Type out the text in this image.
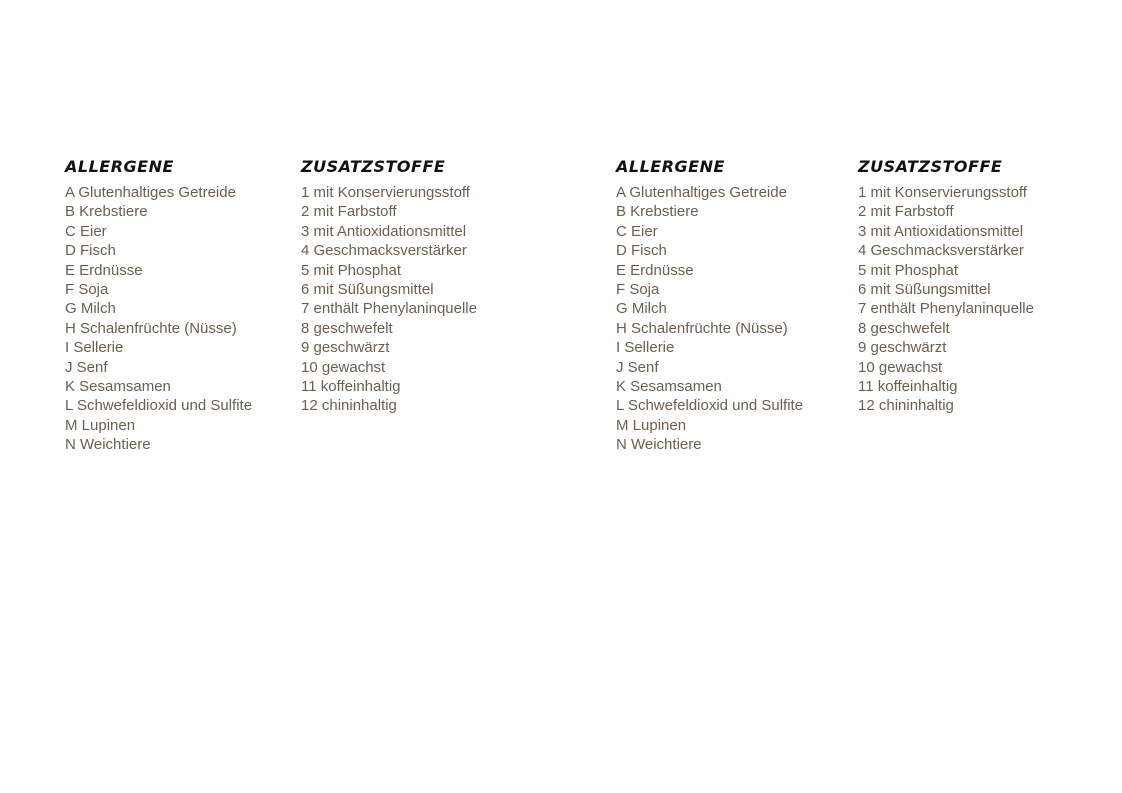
ALLERGENE
A Glutenhaltiges Getreide
B Krebstiere
C Eier
D Fisch
E Erdnüsse
F Soja
G Milch
H Schalenfrüchte (Nüsse)
I Sellerie
J Senf
K Sesamsamen
L Schwefeldioxid und Sulfite
M Lupinen
N Weichtiere
ZUSATZSTOFFE
1 mit Konservierungsstoff
2 mit Farbstoff
3 mit Antioxidationsmittel
4 Geschmacksverstärker
5 mit Phosphat
6 mit Süßungsmittel
7 enthält Phenylaninquelle
8 geschwefelt
9 geschwärzt
10 gewachst
11 koffeinhaltig
12 chininhaltig
ALLERGENE
A Glutenhaltiges Getreide
B Krebstiere
C Eier
D Fisch
E Erdnüsse
F Soja
G Milch
H Schalenfrüchte (Nüsse)
I Sellerie
J Senf
K Sesamsamen
L Schwefeldioxid und Sulfite
M Lupinen
N Weichtiere
ZUSATZSTOFFE
1 mit Konservierungsstoff
2 mit Farbstoff
3 mit Antioxidationsmittel
4 Geschmacksverstärker
5 mit Phosphat
6 mit Süßungsmittel
7 enthält Phenylaninquelle
8 geschwefelt
9 geschwärzt
10 gewachst
11 koffeinhaltig
12 chininhaltig
